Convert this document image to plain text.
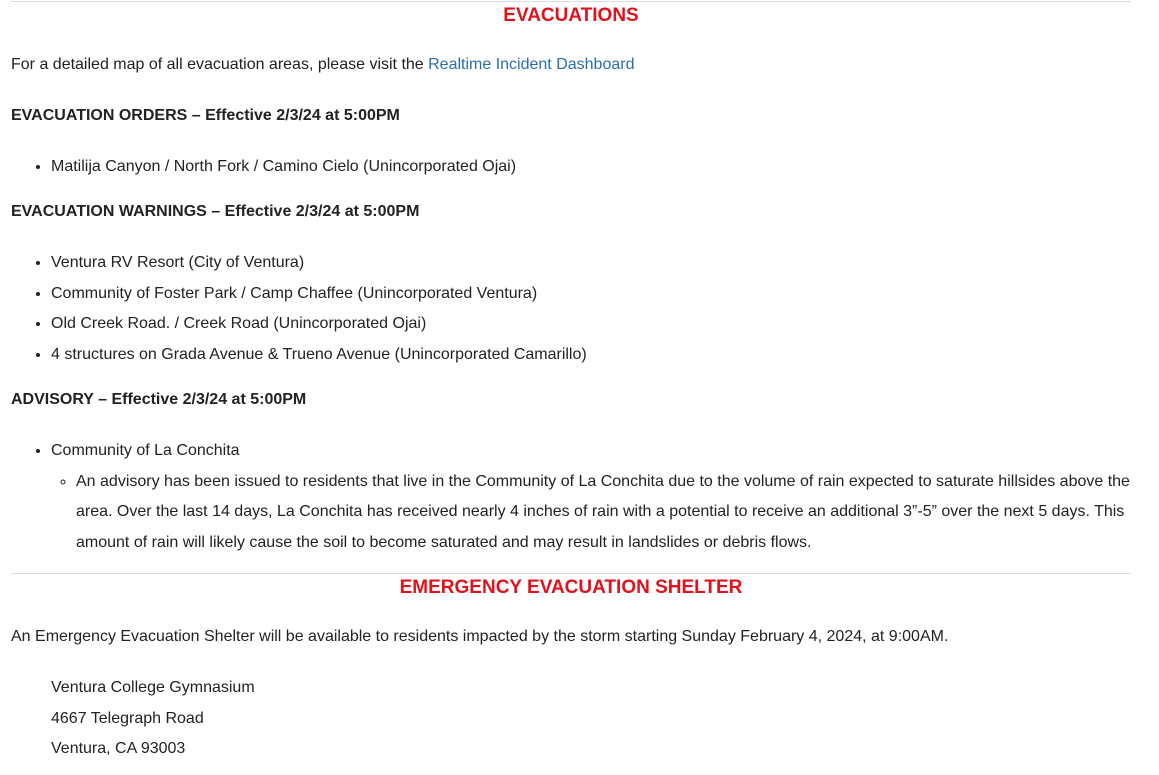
EVACUATIONS

For a detailed map of all evacuation areas, please visit the Realtime Incident Dashboard

EVACUATION ORDERS – Effective 2/3/24 at 5:00PM

• Matilija Canyon / North Fork / Camino Cielo (Unincorporated Ojai)

EVACUATION WARNINGS – Effective 2/3/24 at 5:00PM

• Ventura RV Resort (City of Ventura)
• Community of Foster Park / Camp Chaffee (Unincorporated Ventura)
• Old Creek Road. / Creek Road (Unincorporated Ojai)
• 4 structures on Grada Avenue & Trueno Avenue (Unincorporated Camarillo)

ADVISORY – Effective 2/3/24 at 5:00PM

• Community of La Conchita
◦ An advisory has been issued to residents that live in the Community of La Conchita due to the volume of rain expected to saturate hillsides above the area. Over the last 14 days, La Conchita has received nearly 4 inches of rain with a potential to receive an additional 3”-5” over the next 5 days. This amount of rain will likely cause the soil to become saturated and may result in landslides or debris flows.
EMERGENCY EVACUATION SHELTER

An Emergency Evacuation Shelter will be available to residents impacted by the storm starting Sunday February 4, 2024, at 9:00AM.

Ventura College Gymnasium
4667 Telegraph Road
Ventura, CA 93003
